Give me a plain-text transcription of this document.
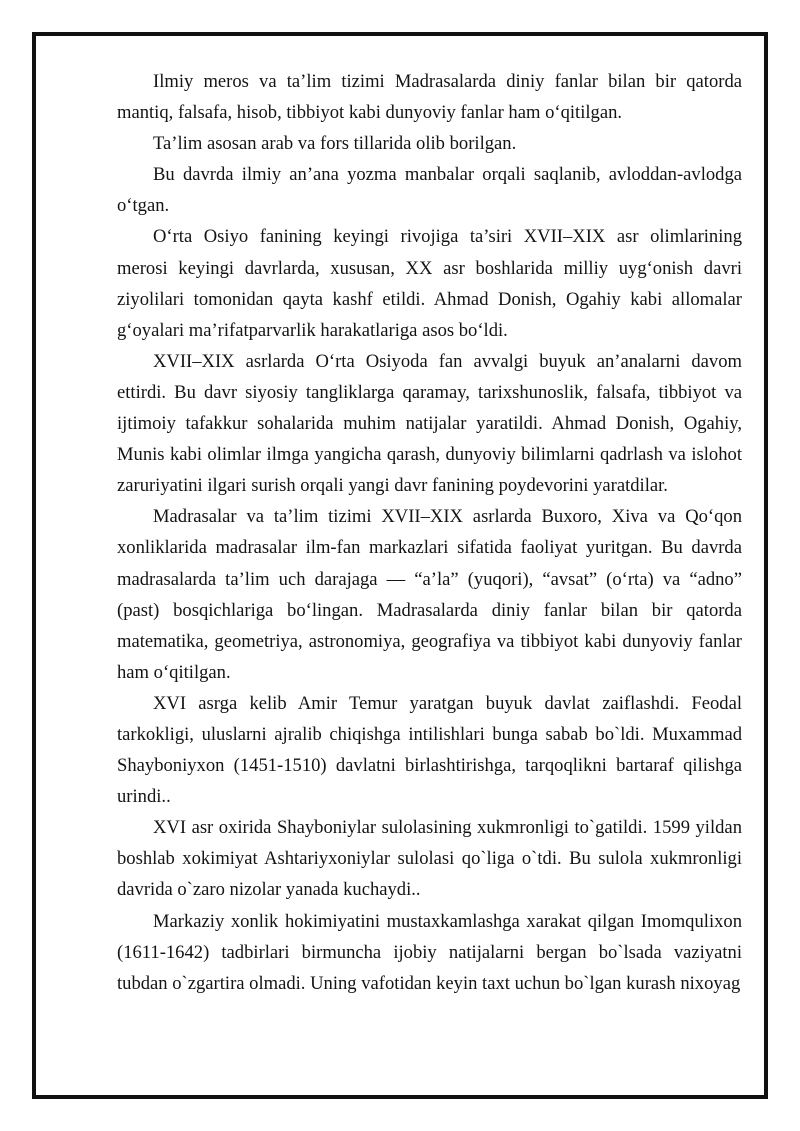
Ilmiy meros va ta’lim tizimi Madrasalarda diniy fanlar bilan bir qatorda mantiq, falsafa, hisob, tibbiyot kabi dunyoviy fanlar ham o‘qitilgan.

Ta’lim asosan arab va fors tillarida olib borilgan.

Bu davrda ilmiy an’ana yozma manbalar orqali saqlanib, avloddan-avlodga o‘tgan.

O‘rta Osiyo fanining keyingi rivojiga ta’siri XVII–XIX asr olimlarining merosi keyingi davrlarda, xususan, XX asr boshlarida milliy uyg‘onish davri ziyolilari tomonidan qayta kashf etildi. Ahmad Donish, Ogahiy kabi allomalar g‘oyalari ma’rifatparvarlik harakatlariga asos bo‘ldi.

XVII–XIX asrlarda O‘rta Osiyoda fan avvalgi buyuk an’analarni davom ettirdi. Bu davr siyosiy tangliklarga qaramay, tarixshunoslik, falsafa, tibbiyot va ijtimoiy tafakkur sohalarida muhim natijalar yaratildi. Ahmad Donish, Ogahiy, Munis kabi olimlar ilmga yangicha qarash, dunyoviy bilimlarni qadrlash va islohot zaruriyatini ilgari surish orqali yangi davr fanining poydevorini yaratdilar.

Madrasalar va ta’lim tizimi XVII–XIX asrlarda Buxoro, Xiva va Qo‘qon xonliklarida madrasalar ilm-fan markazlari sifatida faoliyat yuritgan. Bu davrda madrasalarda ta’lim uch darajaga — “a’la” (yuqori), “avsat” (o‘rta) va “adno” (past) bosqichlariga bo‘lingan. Madrasalarda diniy fanlar bilan bir qatorda matematika, geometriya, astronomiya, geografiya va tibbiyot kabi dunyoviy fanlar ham o‘qitilgan.

XVI asrga kelib Amir Temur yaratgan buyuk davlat zaiflashdi. Feodal tarkokligi, uluslarni ajralib chiqishga intilishlari bunga sabab bo`ldi. Muxammad Shayboniyxon (1451-1510) davlatni birlashtirishga, tarqoqlikni bartaraf qilishga urindi..

XVI asr oxirida Shayboniylar sulolasining xukmronligi to`gatildi. 1599 yildan boshlab xokimiyat Ashtariyxoniylar sulolasi qo`liga o`tdi. Bu sulola xukmronligi davrida o`zaro nizolar yanada kuchaydi..

Markaziy xonlik hokimiyatini mustaxkamlashga xarakat qilgan Imomqulixon (1611-1642) tadbirlari birmuncha ijobiy natijalarni bergan bo`lsada vaziyatni tubdan o`zgartira olmadi. Uning vafotidan keyin taxt uchun bo`lgan kurash nixoyag
